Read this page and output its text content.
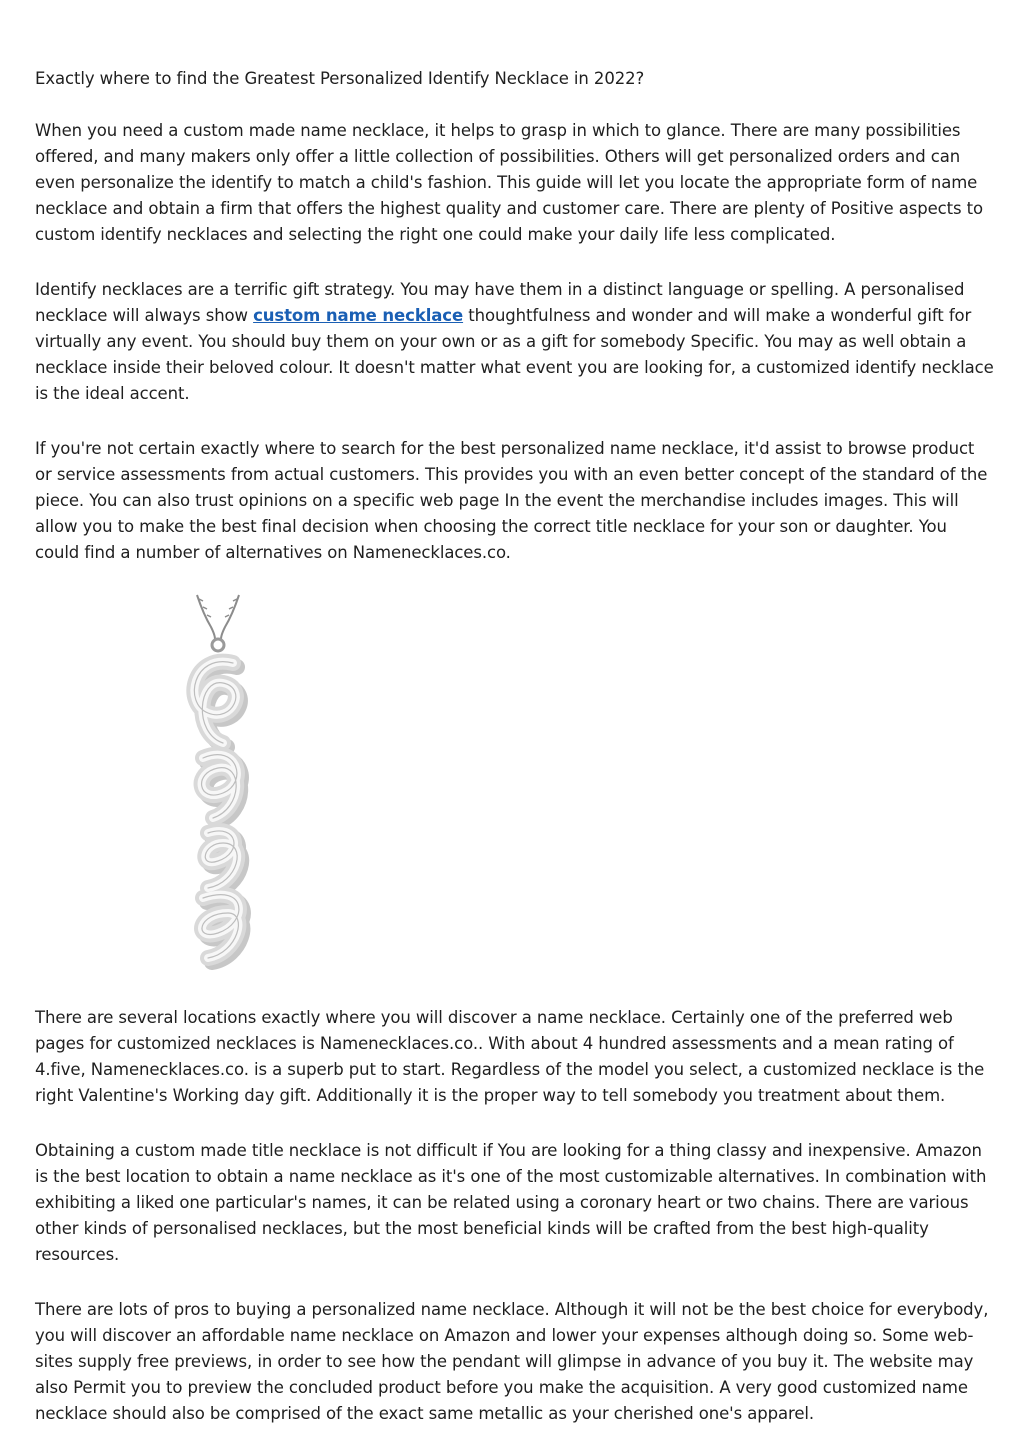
Exactly where to find the Greatest Personalized Identify Necklace in 2022?

When you need a custom made name necklace, it helps to grasp in which to glance. There are many possibilities offered, and many makers only offer a little collection of possibilities. Others will get personalized orders and can even personalize the identify to match a child's fashion. This guide will let you locate the appropriate form of name necklace and obtain a firm that offers the highest quality and customer care. There are plenty of Positive aspects to custom identify necklaces and selecting the right one could make your daily life less complicated.

Identify necklaces are a terrific gift strategy. You may have them in a distinct language or spelling. A personalised necklace will always show custom name necklace thoughtfulness and wonder and will make a wonderful gift for virtually any event. You should buy them on your own or as a gift for somebody Specific. You may as well obtain a necklace inside their beloved colour. It doesn't matter what event you are looking for, a customized identify necklace is the ideal accent.

If you're not certain exactly where to search for the best personalized name necklace, it'd assist to browse product or service assessments from actual customers. This provides you with an even better concept of the standard of the piece. You can also trust opinions on a specific web page In the event the merchandise includes images. This will allow you to make the best final decision when choosing the correct title necklace for your son or daughter. You could find a number of alternatives on Namenecklaces.co.

There are several locations exactly where you will discover a name necklace. Certainly one of the preferred web pages for customized necklaces is Namenecklaces.co.. With about 4 hundred assessments and a mean rating of 4.five, Namenecklaces.co. is a superb put to start. Regardless of the model you select, a customized necklace is the right Valentine's Working day gift. Additionally it is the proper way to tell somebody you treatment about them.

Obtaining a custom made title necklace is not difficult if You are looking for a thing classy and inexpensive. Amazon is the best location to obtain a name necklace as it's one of the most customizable alternatives. In combination with exhibiting a liked one particular's names, it can be related using a coronary heart or two chains. There are various other kinds of personalised necklaces, but the most beneficial kinds will be crafted from the best high-quality resources.

There are lots of pros to buying a personalized name necklace. Although it will not be the best choice for everybody, you will discover an affordable name necklace on Amazon and lower your expenses although doing so. Some web-sites supply free previews, in order to see how the pendant will glimpse in advance of you buy it. The website may also Permit you to preview the concluded product before you make the acquisition. A very good customized name necklace should also be comprised of the exact same metallic as your cherished one's apparel.
